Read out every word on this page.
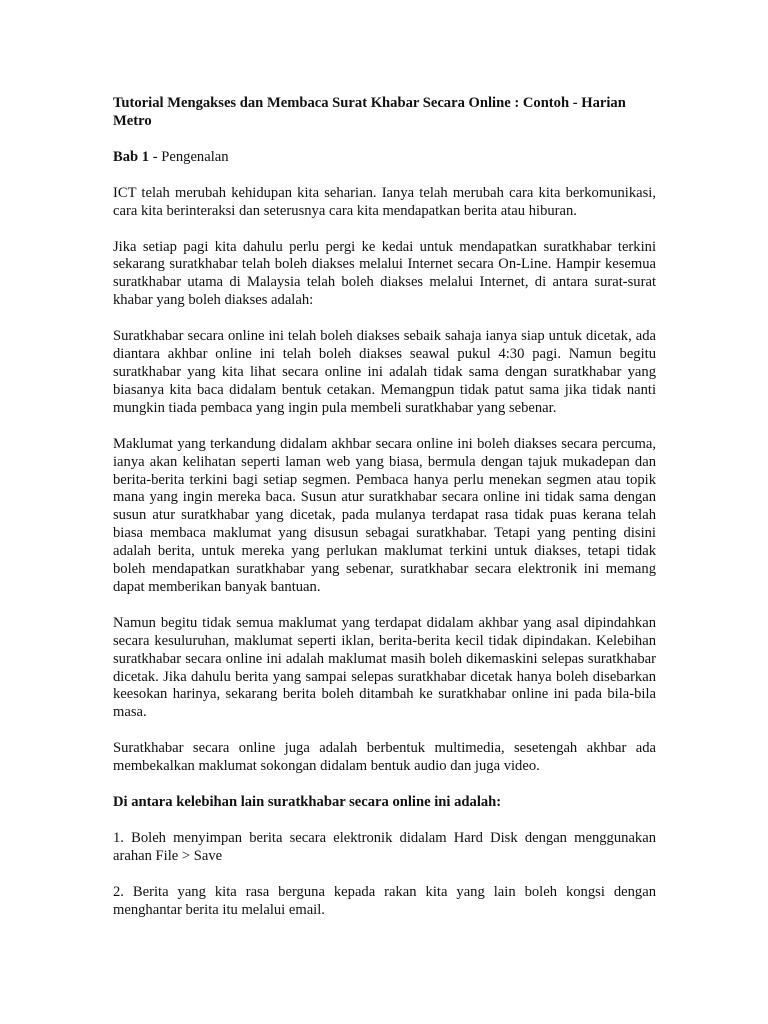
Tutorial Mengakses dan Membaca Surat Khabar Secara Online : Contoh - Harian Metro
Bab 1 - Pengenalan

ICT telah merubah kehidupan kita seharian. Ianya telah merubah cara kita berkomunikasi, cara kita berinteraksi dan seterusnya cara kita mendapatkan berita atau hiburan.

Jika setiap pagi kita dahulu perlu pergi ke kedai untuk mendapatkan suratkhabar terkini sekarang suratkhabar telah boleh diakses melalui Internet secara On-Line. Hampir kesemua suratkhabar utama di Malaysia telah boleh diakses melalui Internet, di antara surat-surat khabar yang boleh diakses adalah:

Suratkhabar secara online ini telah boleh diakses sebaik sahaja ianya siap untuk dicetak, ada diantara akhbar online ini telah boleh diakses seawal pukul 4:30 pagi. Namun begitu suratkhabar yang kita lihat secara online ini adalah tidak sama dengan suratkhabar yang biasanya kita baca didalam bentuk cetakan. Memangpun tidak patut sama jika tidak nanti mungkin tiada pembaca yang ingin pula membeli suratkhabar yang sebenar.

Maklumat yang terkandung didalam akhbar secara online ini boleh diakses secara percuma, ianya akan kelihatan seperti laman web yang biasa, bermula dengan tajuk mukadepan dan berita-berita terkini bagi setiap segmen. Pembaca hanya perlu menekan segmen atau topik mana yang ingin mereka baca. Susun atur suratkhabar secara online ini tidak sama dengan susun atur suratkhabar yang dicetak, pada mulanya terdapat rasa tidak puas kerana telah biasa membaca maklumat yang disusun sebagai suratkhabar. Tetapi yang penting disini adalah berita, untuk mereka yang perlukan maklumat terkini untuk diakses, tetapi tidak boleh mendapatkan suratkhabar yang sebenar, suratkhabar secara elektronik ini memang dapat memberikan banyak bantuan.

Namun begitu tidak semua maklumat yang terdapat didalam akhbar yang asal dipindahkan secara kesuluruhan, maklumat seperti iklan, berita-berita kecil tidak dipindakan. Kelebihan suratkhabar secara online ini adalah maklumat masih boleh dikemaskini selepas suratkhabar dicetak. Jika dahulu berita yang sampai selepas suratkhabar dicetak hanya boleh disebarkan keesokan harinya, sekarang berita boleh ditambah ke suratkhabar online ini pada bila-bila masa.

Suratkhabar secara online juga adalah berbentuk multimedia, sesetengah akhbar ada membekalkan maklumat sokongan didalam bentuk audio dan juga video.

Di antara kelebihan lain suratkhabar secara online ini adalah:
1. Boleh menyimpan berita secara elektronik didalam Hard Disk dengan menggunakan arahan File > Save
2. Berita yang kita rasa berguna kepada rakan kita yang lain boleh kongsi dengan menghantar berita itu melalui email.
